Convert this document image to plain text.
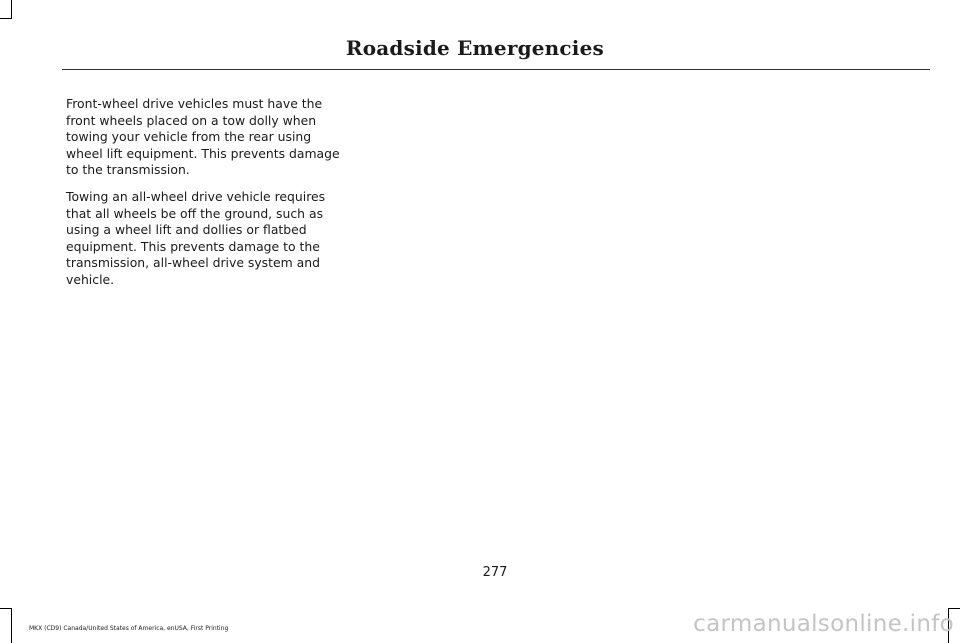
Roadside Emergencies

Front-wheel drive vehicles must have the front wheels placed on a tow dolly when towing your vehicle from the rear using wheel lift equipment. This prevents damage to the transmission.

Towing an all-wheel drive vehicle requires that all wheels be off the ground, such as using a wheel lift and dollies or flatbed equipment. This prevents damage to the transmission, all-wheel drive system and vehicle.

277
MKX (CD9) Canada/United States of America, enUSA, First Printing	carmanualsonline.info
